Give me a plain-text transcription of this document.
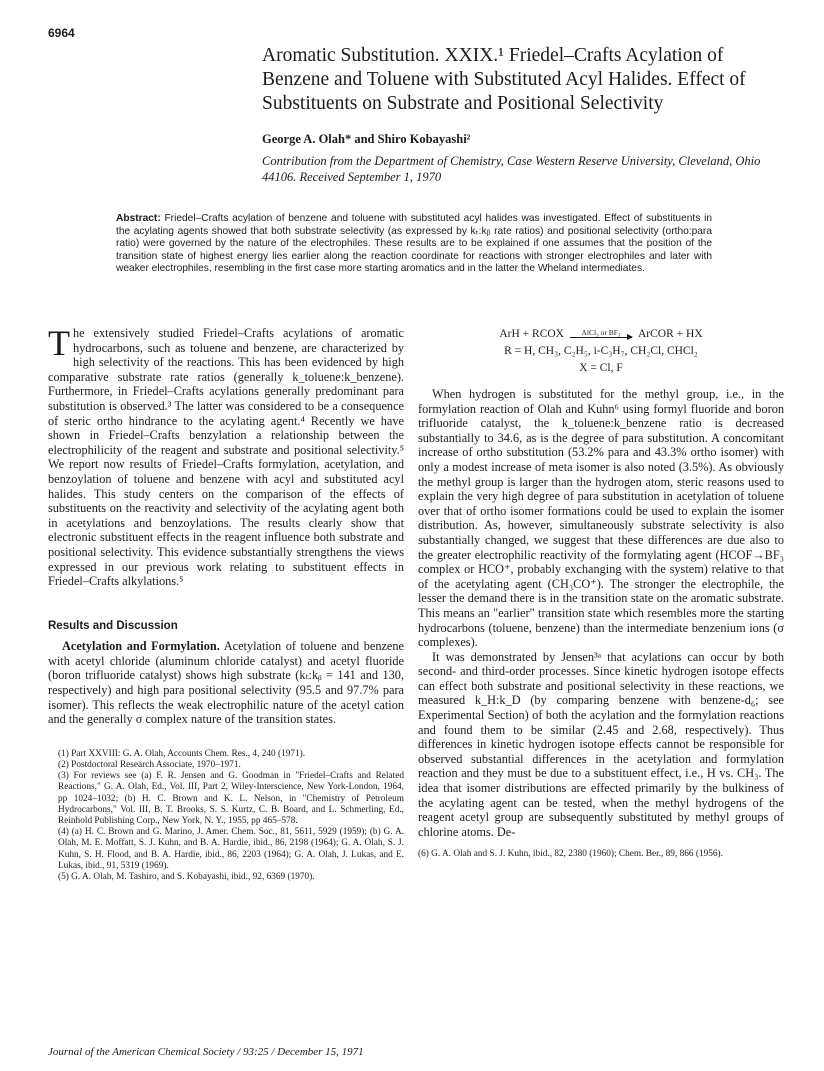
6964
Aromatic Substitution. XXIX.¹ Friedel–Crafts Acylation of Benzene and Toluene with Substituted Acyl Halides. Effect of Substituents on Substrate and Positional Selectivity
George A. Olah* and Shiro Kobayashi²
Contribution from the Department of Chemistry, Case Western Reserve University, Cleveland, Ohio 44106. Received September 1, 1970
Abstract: Friedel–Crafts acylation of benzene and toluene with substituted acyl halides was investigated. Effect of substituents in the acylating agents showed that both substrate selectivity (as expressed by kₜ:kᵦ rate ratios) and positional selectivity (ortho:para ratio) were governed by the nature of the electrophiles. These results are to be explained if one assumes that the position of the transition state of highest energy lies earlier along the reaction coordinate for reactions with stronger electrophiles and later with weaker electrophiles, resembling in the first case more starting aromatics and in the latter the Wheland intermediates.

The extensively studied Friedel–Crafts acylations of aromatic hydrocarbons, such as toluene and benzene, are characterized by high selectivity of the reactions. This has been evidenced by high comparative substrate rate ratios (generally k_toluene:k_benzene). Furthermore, in Friedel–Crafts acylations generally predominant para substitution is observed.³ The latter was considered to be a consequence of steric ortho hindrance to the acylating agent.⁴ Recently we have shown in Friedel–Crafts benzylation a relationship between the electrophilicity of the reagent and substrate and positional selectivity.⁵ We report now results of Friedel–Crafts formylation, acetylation, and benzoylation of toluene and benzene with acyl and substituted acyl halides. This study centers on the comparison of the effects of substituents on the reactivity and selectivity of the acylating agent both in acetylations and benzoylations. The results clearly show that electronic substituent effects in the reagent influence both substrate and positional selectivity. This evidence substantially strengthens the views expressed in our previous work relating to substituent effects in Friedel–Crafts alkylations.⁵

Results and Discussion

Acetylation and Formylation. Acetylation of toluene and benzene with acetyl chloride (aluminum chloride catalyst) and acetyl fluoride (boron trifluoride catalyst) shows high substrate (kₜ:kᵦ = 141 and 130, respectively) and high para positional selectivity (95.5 and 97.7% para isomer). This reflects the weak electrophilic nature of the acetyl cation and the generally σ complex nature of the transition states.

(1) Part XXVIII: G. A. Olah, Accounts Chem. Res., 4, 240 (1971).
(2) Postdoctoral Research Associate, 1970–1971.
(3) For reviews see (a) F. R. Jensen and G. Goodman in "Friedel–Crafts and Related Reactions," G. A. Olah, Ed., Vol. III, Part 2, Wiley-Interscience, New York-London, 1964, pp 1024–1032; (b) H. C. Brown and K. L. Nelson, in "Chemistry of Petroleum Hydrocarbons," Vol. III, B. T. Brooks, S. S. Kurtz, C. B. Board, and L. Schmerling, Ed., Reinhold Publishing Corp., New York, N. Y., 1955, pp 465–578.
(4) (a) H. C. Brown and G. Marino, J. Amer. Chem. Soc., 81, 5611, 5929 (1959); (b) G. A. Olah, M. E. Moffatt, S. J. Kuhn, and B. A. Hardie, ibid., 86, 2198 (1964); G. A. Olah, S. J. Kuhn, S. H. Flood, and B. A. Hardie, ibid., 86, 2203 (1964); G. A. Olah, J. Lukas, and E. Lukas, ibid., 91, 5319 (1969).
(5) G. A. Olah, M. Tashiro, and S. Kobayashi, ibid., 92, 6369 (1970).
ArH + RCOX AlCl₃ or BF₃ ArCOR + HX
R = H, CH₃, C₂H₅, i-C₃H₇, CH₂Cl, CHCl₂
X = Cl, F

When hydrogen is substituted for the methyl group, i.e., in the formylation reaction of Olah and Kuhn⁶ using formyl fluoride and boron trifluoride catalyst, the k_toluene:k_benzene ratio is decreased substantially to 34.6, as is the degree of para substitution. A concomitant increase of ortho substitution (53.2% para and 43.3% ortho isomer) with only a modest increase of meta isomer is also noted (3.5%). As obviously the methyl group is larger than the hydrogen atom, steric reasons used to explain the very high degree of para substitution in acetylation of toluene over that of ortho isomer formations could be used to explain the isomer distribution. As, however, simultaneously substrate selectivity is also substantially changed, we suggest that these differences are due also to the greater electrophilic reactivity of the formylating agent (HCOF→BF₃ complex or HCO⁺, probably exchanging with the system) relative to that of the acetylating agent (CH₃CO⁺). The stronger the electrophile, the lesser the demand there is in the transition state on the aromatic substrate. This means an "earlier" transition state which resembles more the starting hydrocarbons (toluene, benzene) than the intermediate benzenium ions (σ complexes).

It was demonstrated by Jensen³ᵃ that acylations can occur by both second- and third-order processes. Since kinetic hydrogen isotope effects can effect both substrate and positional selectivity in these reactions, we measured k_H:k_D (by comparing benzene with benzene-d₆; see Experimental Section) of both the acylation and the formylation reactions and found them to be similar (2.45 and 2.68, respectively). Thus differences in kinetic hydrogen isotope effects cannot be responsible for observed substantial differences in the acetylation and formylation reaction and they must be due to a substituent effect, i.e., H vs. CH₃. The idea that isomer distributions are effected primarily by the bulkiness of the acylating agent can be tested, when the methyl hydrogens of the reagent acetyl group are subsequently substituted by methyl groups of chlorine atoms. De-

(6) G. A. Olah and S. J. Kuhn, ibid., 82, 2380 (1960); Chem. Ber., 89, 866 (1956).
Journal of the American Chemical Society / 93:25 / December 15, 1971
